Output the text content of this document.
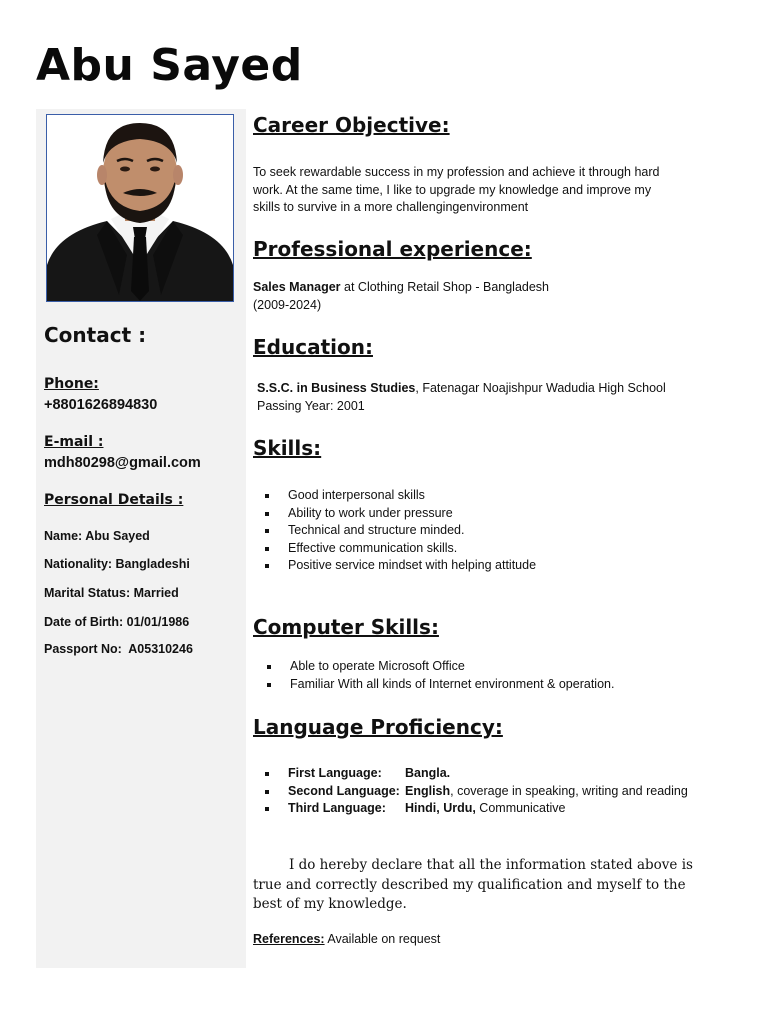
Abu Sayed
Contact :
Phone:
+8801626894830
E-mail :
mdh80298@gmail.com
Personal Details :
Name: Abu Sayed
Nationality: Bangladeshi
Marital Status: Married
Date of Birth: 01/01/1986
Passport No:  A05310246
Career Objective:
To seek rewardable success in my profession and achieve it through hard
work. At the same time, I like to upgrade my knowledge and improve my
skills to survive in a more challengingenvironment
Professional experience:
Sales Manager at Clothing Retail Shop - Bangladesh
(2009-2024)
Education:
S.S.C. in Business Studies, Fatenagar Noajishpur Wadudia High School
Passing Year: 2001
Skills:
Good interpersonal skills
Ability to work under pressure
Technical and structure minded.
Effective communication skills.
Positive service mindset with helping attitude
Computer Skills:
Able to operate Microsoft Office
Familiar With all kinds of Internet environment & operation.
Language Proficiency:
First Language: Bangla.
Second Language: English, coverage in speaking, writing and reading
Third Language: Hindi, Urdu, Communicative
I do hereby declare that all the information stated above is true and correctly described my qualification and myself to the best of my knowledge.
References: Available on request
